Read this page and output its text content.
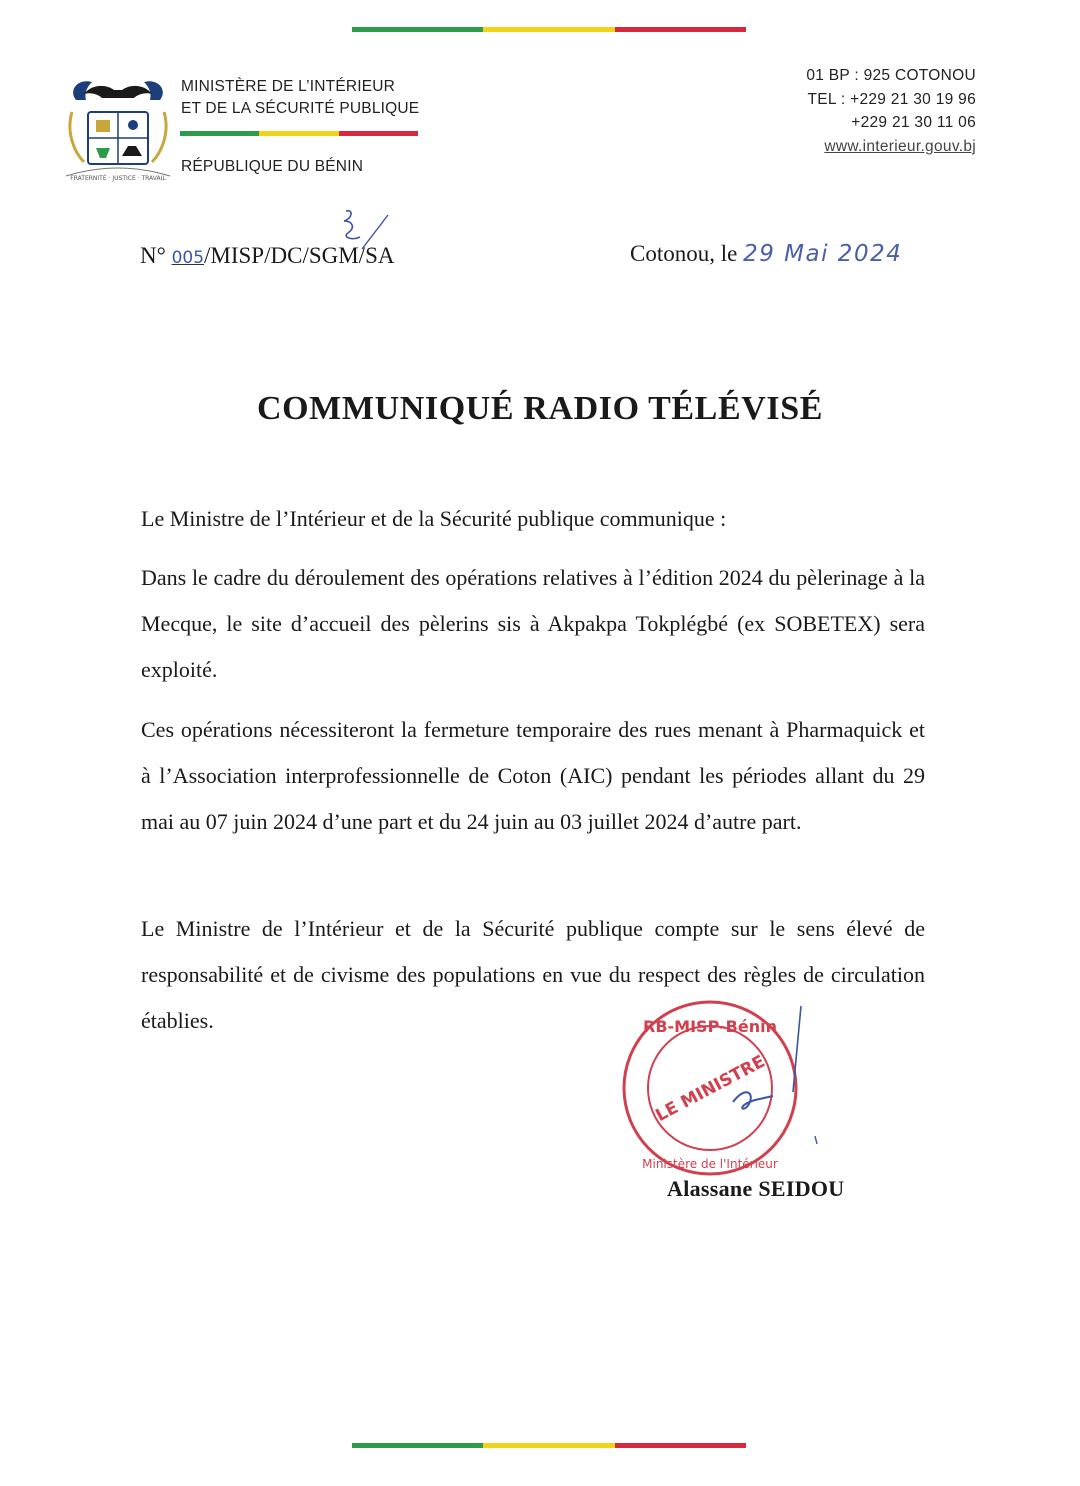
FRATERNITÉ · JUSTICE · TRAVAIL
MINISTÈRE DE L’INTÉRIEUR
ET DE LA SÉCURITÉ PUBLIQUE
RÉPUBLIQUE DU BÉNIN
01 BP : 925 COTONOU
TEL : +229 21 30 19 96
+229 21 30 11 06
www.interieur.gouv.bj
N° 005/MISP/DC/SGM/SA	Cotonou, le 29 Mai 2024
COMMUNIQUÉ RADIO TÉLÉVISÉ
Le Ministre de l’Intérieur et de la Sécurité publique communique :
Dans le cadre du déroulement des opérations relatives à l’édition 2024 du pèlerinage à la Mecque, le site d’accueil des pèlerins sis à Akpakpa Tokplégbé (ex SOBETEX) sera exploité.
Ces opérations nécessiteront la fermeture temporaire des rues menant à Pharmaquick et à l’Association interprofessionnelle de Coton (AIC) pendant les périodes allant du 29 mai au 07 juin 2024 d’une part et du 24 juin au 03 juillet 2024 d’autre part.
Le Ministre de l’Intérieur et de la Sécurité publique compte sur le sens élevé de responsabilité et de civisme des populations en vue du respect des règles de circulation établies.	RB-MISP-Bénin
Ministère de l'Intérieur
LE MINISTRE
Alassane SEIDOU
